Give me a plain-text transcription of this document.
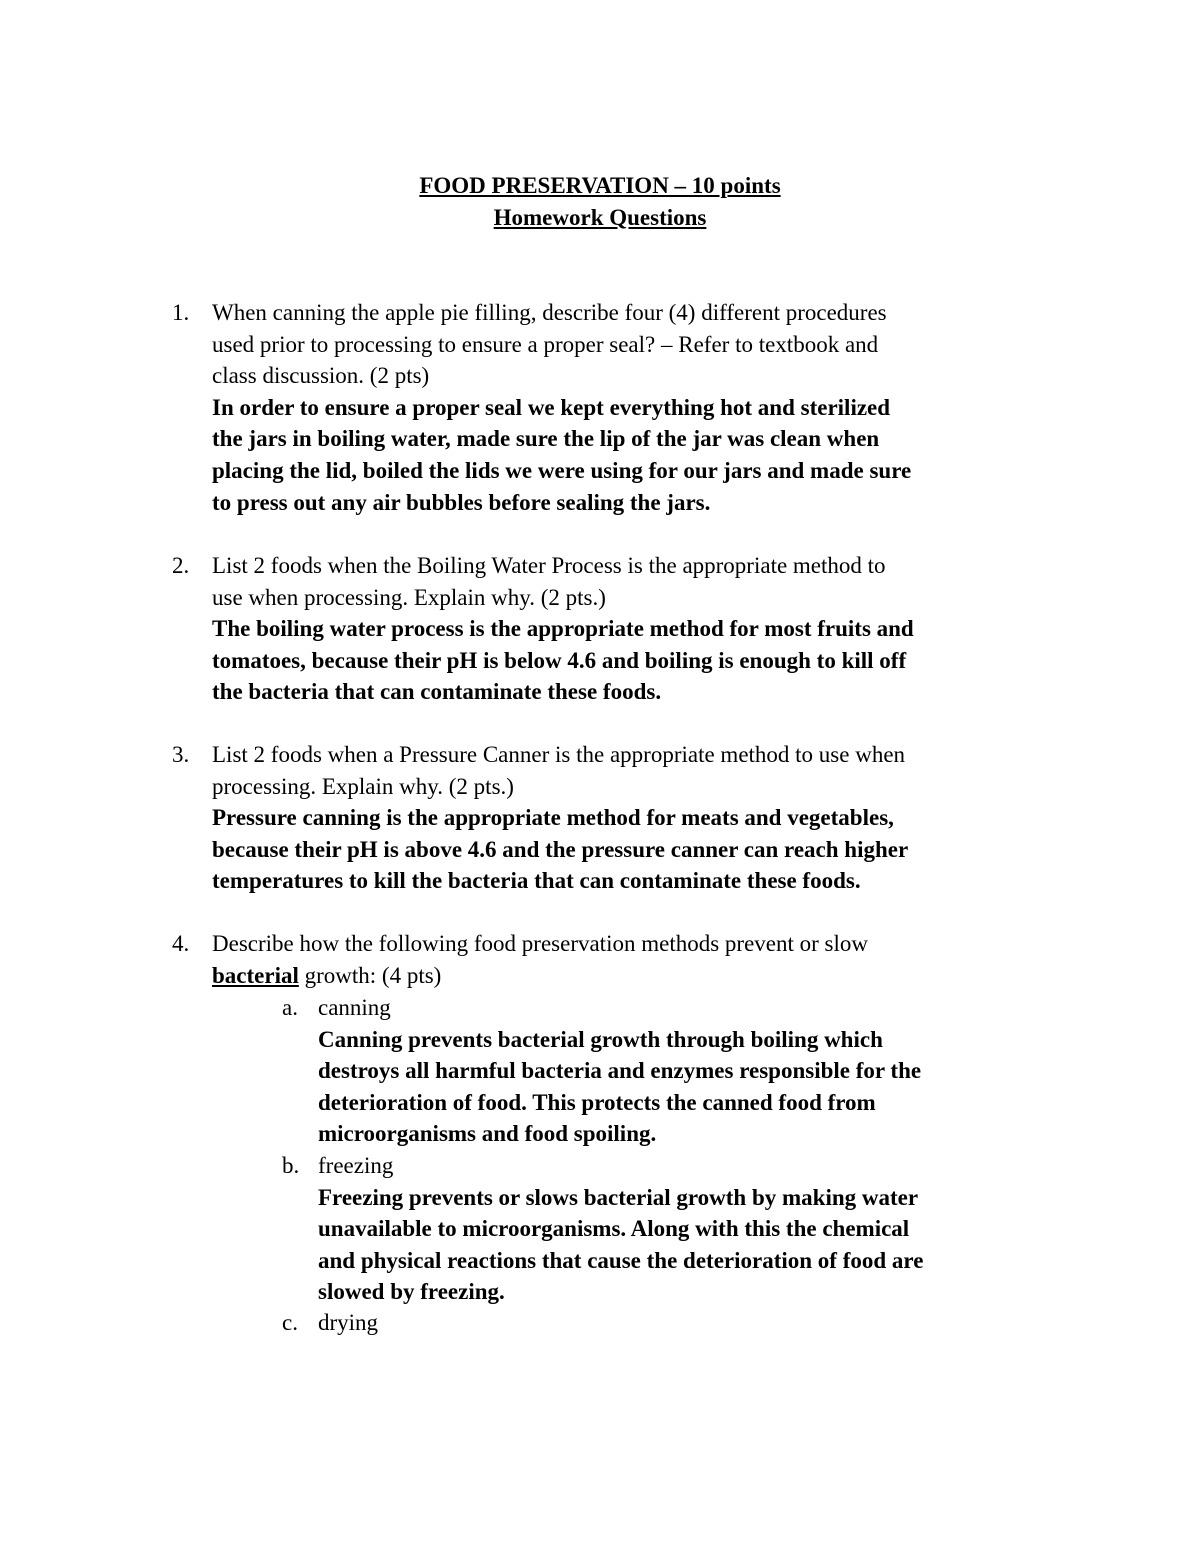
FOOD PRESERVATION – 10 points
Homework Questions
1. When canning the apple pie filling, describe four (4) different procedures
used prior to processing to ensure a proper seal? – Refer to textbook and
class discussion. (2 pts)
In order to ensure a proper seal we kept everything hot and sterilized
the jars in boiling water, made sure the lip of the jar was clean when
placing the lid, boiled the lids we were using for our jars and made sure
to press out any air bubbles before sealing the jars.
2. List 2 foods when the Boiling Water Process is the appropriate method to
use when processing. Explain why. (2 pts.)
The boiling water process is the appropriate method for most fruits and
tomatoes, because their pH is below 4.6 and boiling is enough to kill off
the bacteria that can contaminate these foods.
3. List 2 foods when a Pressure Canner is the appropriate method to use when
processing. Explain why. (2 pts.)
Pressure canning is the appropriate method for meats and vegetables,
because their pH is above 4.6 and the pressure canner can reach higher
temperatures to kill the bacteria that can contaminate these foods.
4. Describe how the following food preservation methods prevent or slow
bacterial growth: (4 pts)
a. canning
Canning prevents bacterial growth through boiling which
destroys all harmful bacteria and enzymes responsible for the
deterioration of food. This protects the canned food from
microorganisms and food spoiling.
b. freezing
Freezing prevents or slows bacterial growth by making water
unavailable to microorganisms. Along with this the chemical
and physical reactions that cause the deterioration of food are
slowed by freezing.
c. drying
